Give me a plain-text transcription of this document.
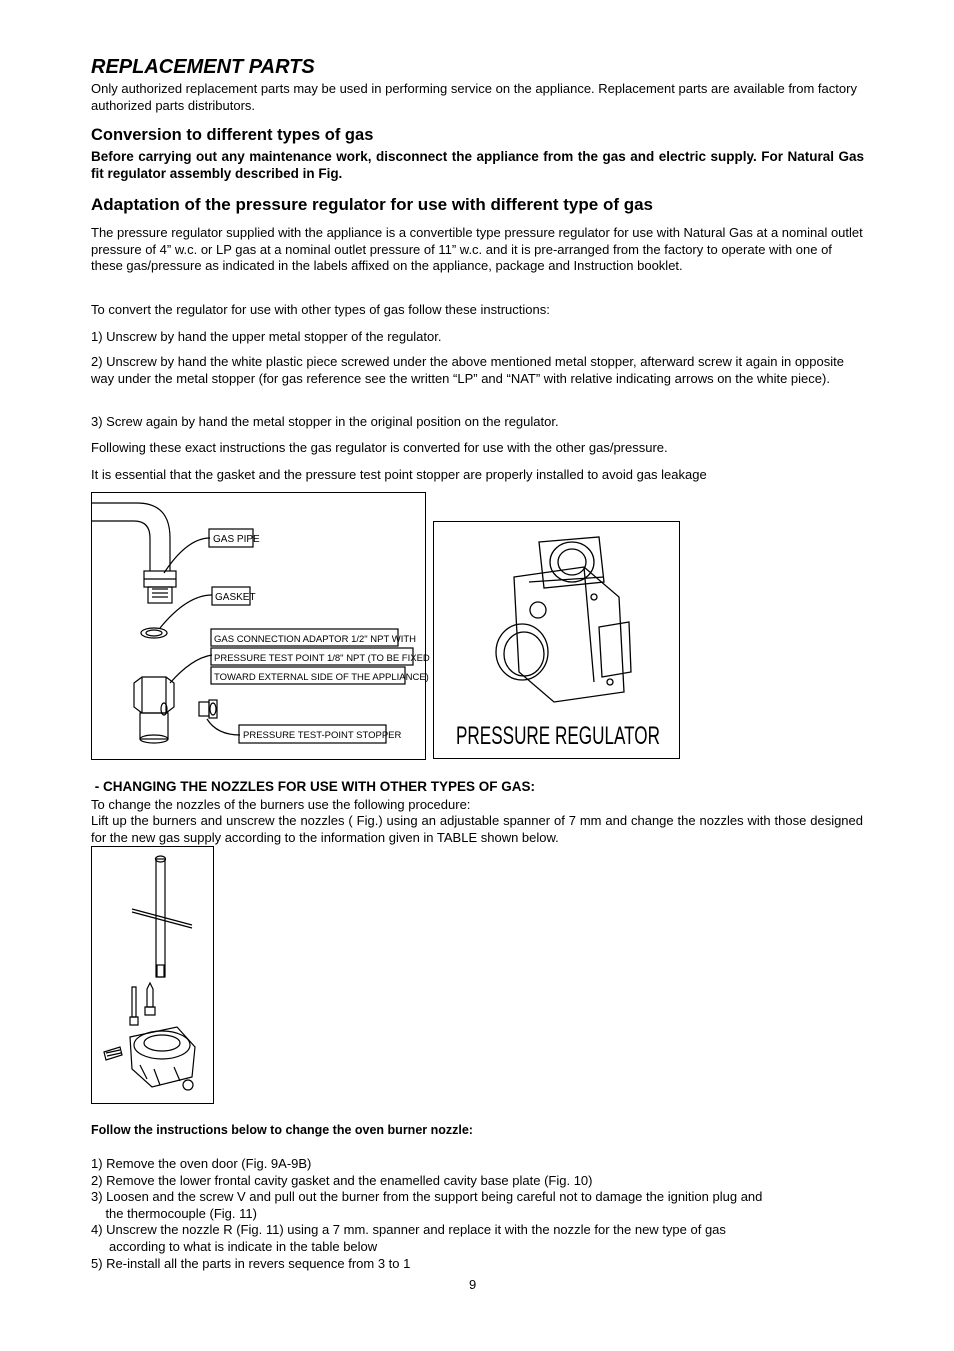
REPLACEMENT PARTS

Only authorized replacement parts may be used in performing service on the appliance. Replacement parts are available from factory authorized parts distributors.

Conversion to different types of gas

Before carrying out any maintenance work, disconnect the appliance from the gas and electric supply. For Natural Gas fit regulator assembly described in Fig.

Adaptation of the pressure regulator for use with different type of gas

The pressure regulator supplied with the appliance is a convertible type pressure regulator for use with Natural Gas at a nominal outlet pressure of 4” w.c. or LP gas at a nominal outlet pressure of 11” w.c. and it is pre-arranged from the factory to operate with one of these gas/pressure as indicated in the labels affixed on the appliance, package and Instruction booklet.

To convert the regulator for use with other types of gas follow these instructions:

1) Unscrew by hand the upper metal stopper of the regulator.

2) Unscrew by hand the white plastic piece screwed under the above mentioned metal stopper, afterward screw it again in opposite way under the metal stopper (for gas reference see the written “LP” and “NAT” with relative indicating arrows on the white piece).

3) Screw again by hand the metal stopper in the original position on the regulator.

Following these exact instructions the gas regulator is converted for use with the other gas/pressure.

It is essential that the gasket and the pressure test point stopper are properly installed to avoid gas leakage

GAS PIPE
GASKET
GAS CONNECTION ADAPTOR 1/2" NPT WITH
PRESSURE TEST POINT 1/8" NPT (TO BE FIXED
TOWARD EXTERNAL SIDE OF THE APPLIANCE)
PRESSURE TEST-POINT STOPPER PRESSURE REGULATOR
- CHANGING THE NOZZLES FOR USE WITH OTHER TYPES OF GAS:

To change the nozzles of the burners use the following procedure:

Lift up the burners and unscrew the nozzles ( Fig.) using an adjustable spanner of 7 mm and change the nozzles with those designed for the new gas supply according to the information given in TABLE shown below.

Follow the instructions below to change the oven burner nozzle:

1) Remove the oven door (Fig. 9A-9B)

2) Remove the lower frontal cavity gasket and the enamelled cavity base plate (Fig. 10)

3) Loosen and the screw V and pull out the burner from the support being careful not to damage the ignition plug and

the thermocouple (Fig. 11)

4) Unscrew the nozzle R (Fig. 11) using a 7 mm. spanner and replace it with the nozzle for the new type of gas

according to what is indicate in the table below

5) Re-install all the parts in revers sequence from 3 to 1

9
